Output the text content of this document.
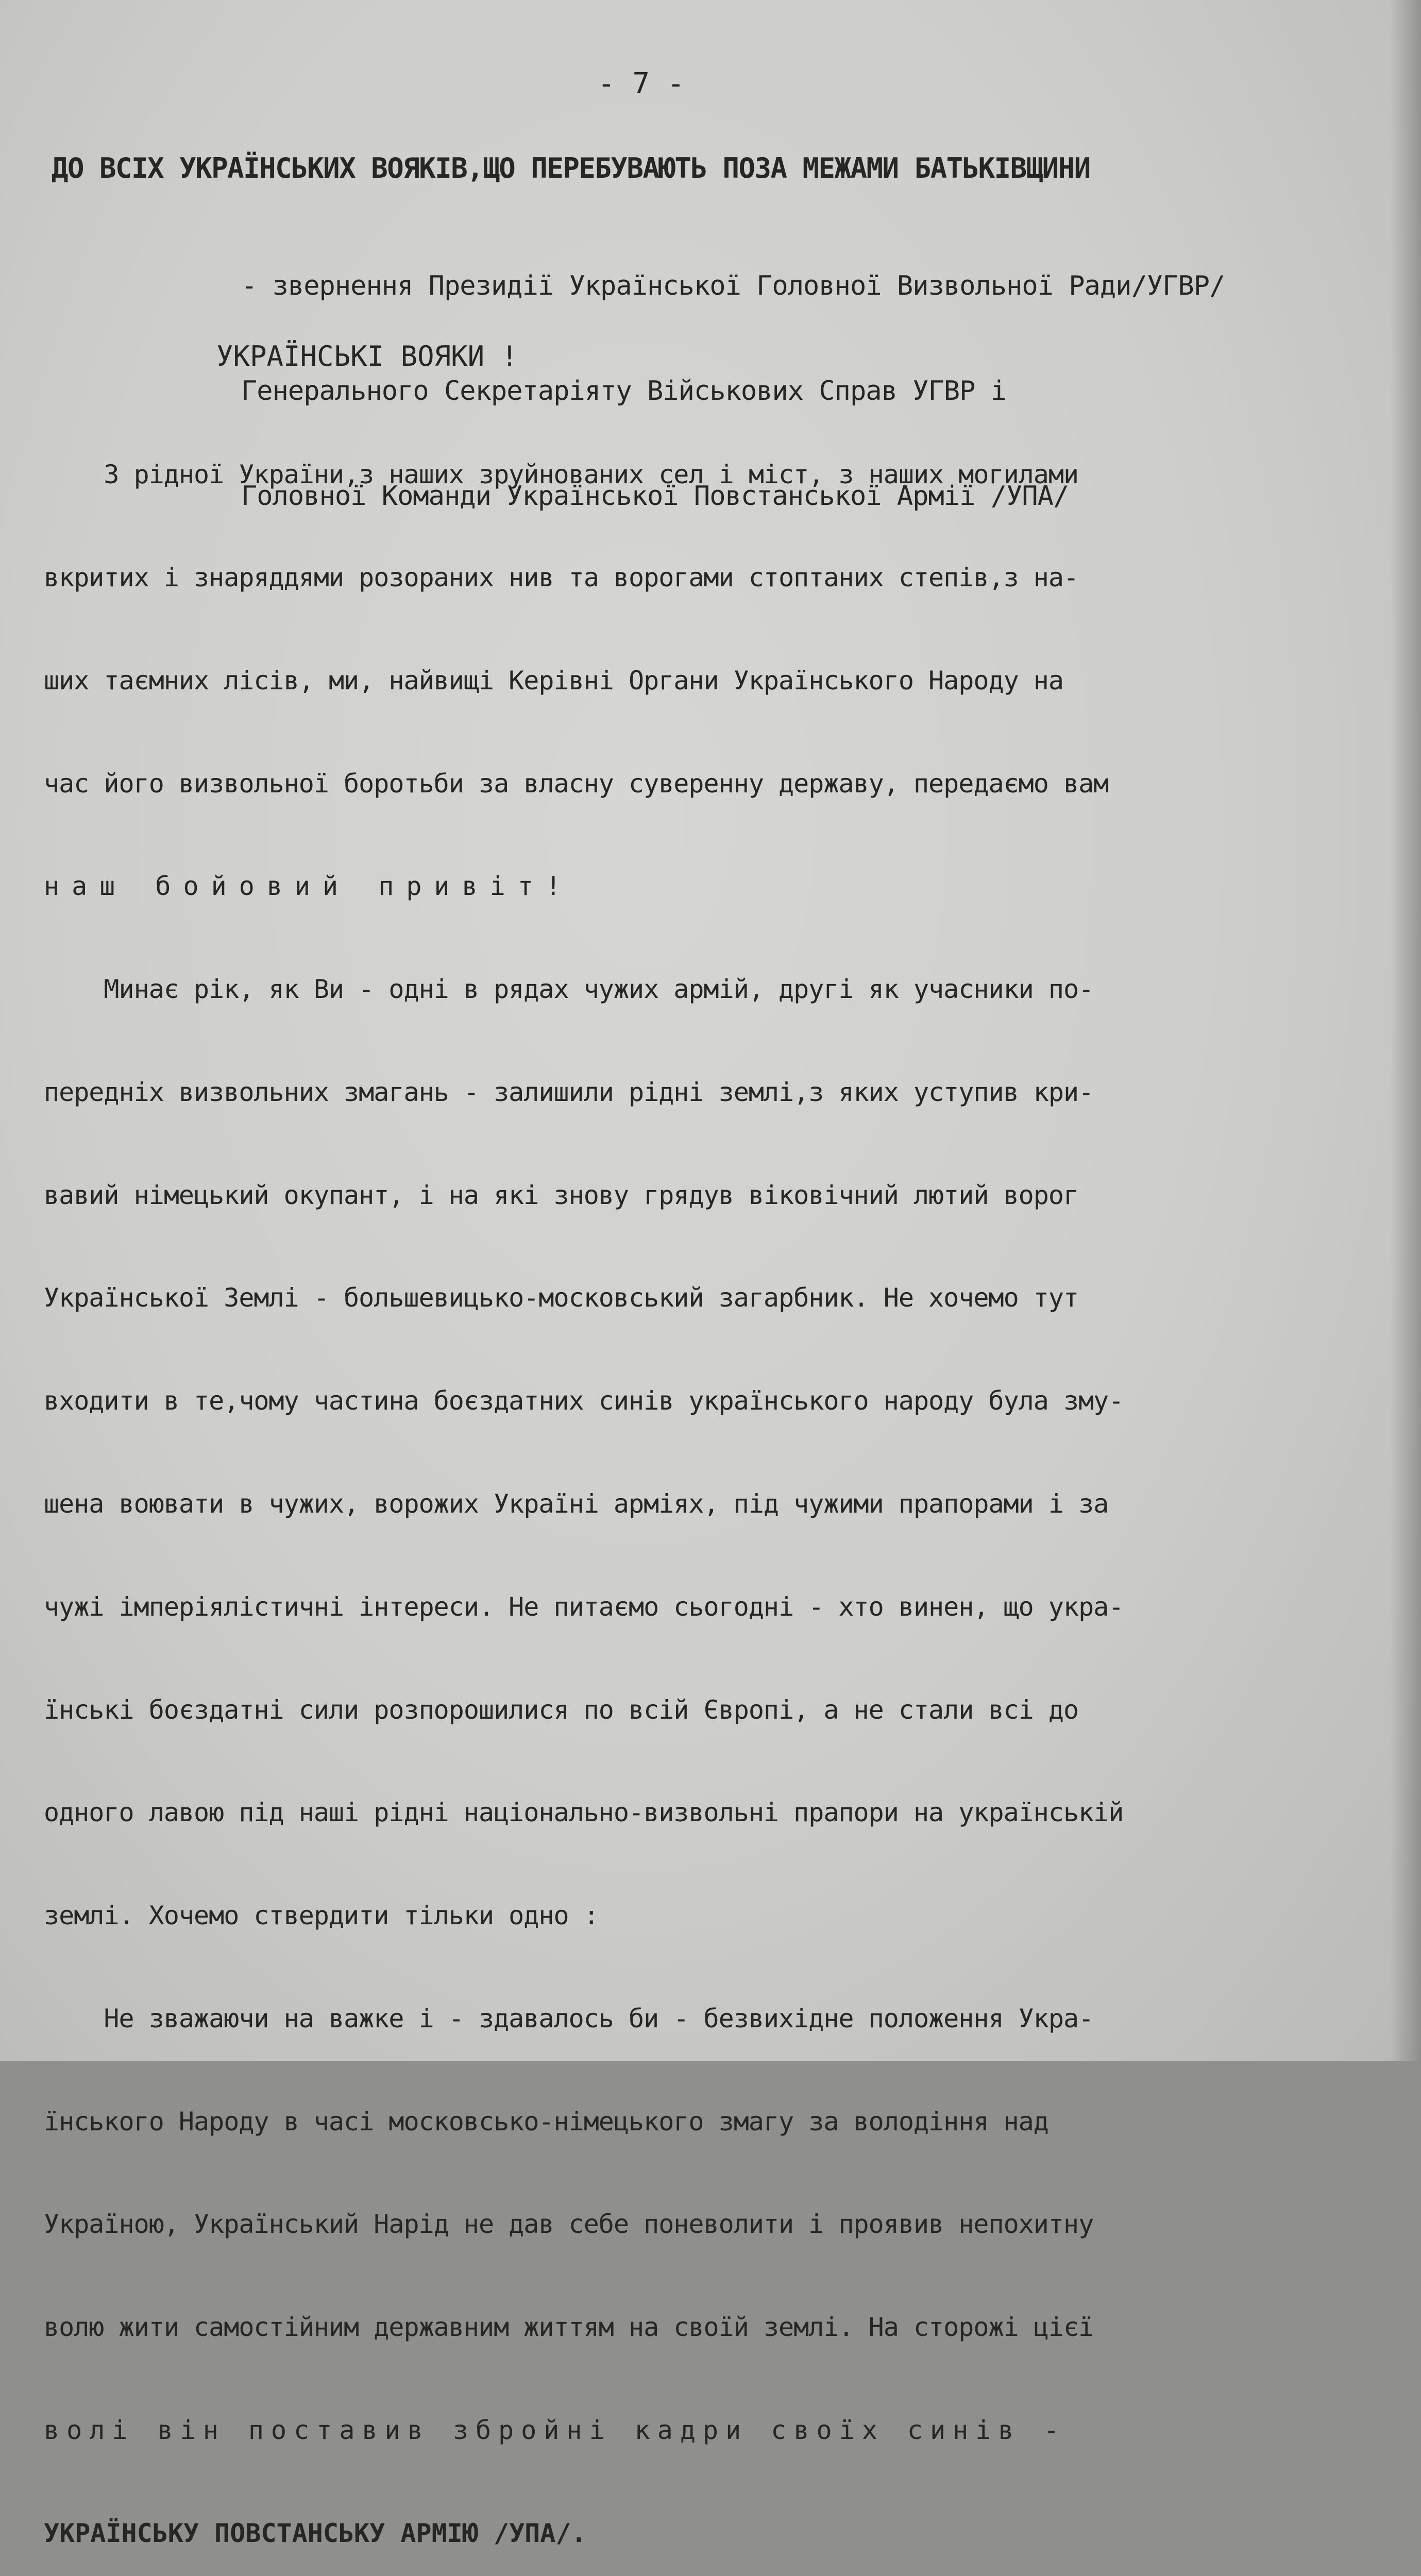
- 7 -
ДО ВСІХ УКРАЇНСЬКИХ ВОЯКІВ,ЩО ПЕРЕБУВАЮТЬ ПОЗА МЕЖАМИ БАТЬКІВЩИНИ

- звернення Президії Української Головної Визвольної Ради/УГВР/

Генерального Секретаріяту Військових Справ УГВР і

Головної Команди Української Повстанської Армії /УПА/

УКРАЇНСЬКІ ВОЯКИ !

З рідної України,з наших зруйнованих сел і міст, з наших могилами

вкритих і знаряддями розораних нив та ворогами стоптаних степів,з на-

ших таємних лісів, ми, найвищі Керівні Органи Українського Народу на

час його визвольної боротьби за власну суверенну державу, передаємо вам

наш бойовий привіт!

Минає рік, як Ви - одні в рядах чужих армій, другі як учасники по-

передніх визвольних змагань - залишили рідні землі,з яких уступив кри-

вавий німецький окупант, і на які знову грядув віковічний лютий ворог

Української Землі - большевицько-московський загарбник. Не хочемо тут

входити в те,чому частина боєздатних синів українського народу була зму-

шена воювати в чужих, ворожих Україні арміях, під чужими прапорами і за

чужі імперіялістичні інтереси. Не питаємо сьогодні - хто винен, що укра-

їнські боєздатні сили розпорошилися по всій Європі, а не стали всі до

одного лавою під наші рідні національно-визвольні прапори на українській

землі. Хочемо ствердити тільки одно :

Не зважаючи на важке і - здавалось би - безвихідне положення Укра-

їнського Народу в часі московсько-німецького змагу за володіння над

Україною, Український Нарід не дав себе поневолити і проявив непохитну

волю жити самостійним державним життям на своїй землі. На сторожі цієї

волі він поставив збройні кадри своїх синів -

УКРАЇНСЬКУ ПОВСТАНСЬКУ АРМІЮ /УПА/.
